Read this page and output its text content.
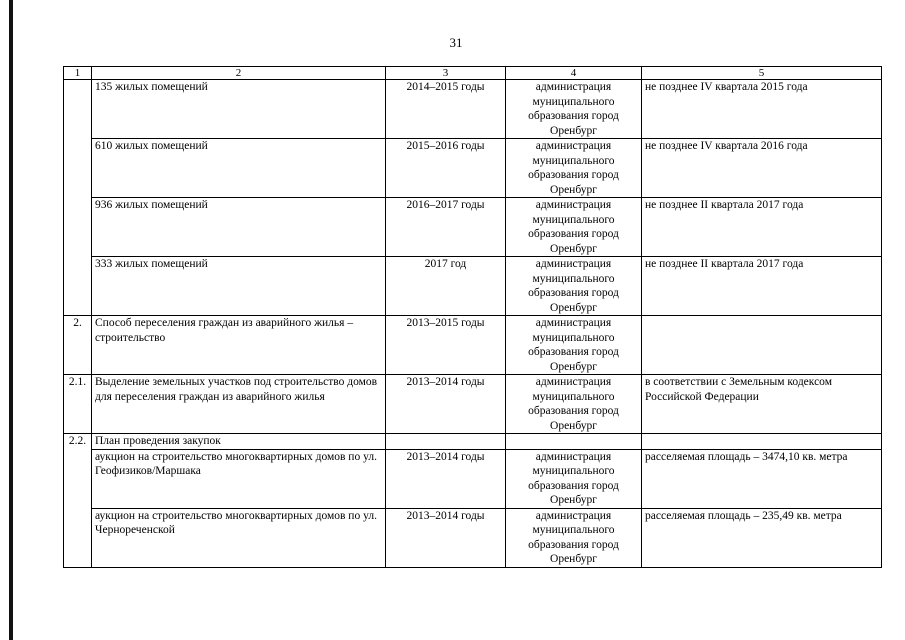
31
1	2	3	4	5
	135 жилых помещений	2014–2015 годы	администрация муниципального образования город Оренбург	не позднее IV квартала 2015 года
	610 жилых помещений	2015–2016 годы	администрация муниципального образования город Оренбург	не позднее IV квартала 2016 года
	936 жилых помещений	2016–2017 годы	администрация муниципального образования город Оренбург	не позднее II квартала 2017 года
	333 жилых помещений	2017 год	администрация муниципального образования город Оренбург	не позднее II квартала 2017 года
2.	Способ переселения граждан из аварийного жилья – строительство	2013–2015 годы	администрация муниципального образования город Оренбург	
2.1.	Выделение земельных участков под строительство домов для переселения граждан из аварийного жилья	2013–2014 годы	администрация муниципального образования город Оренбург	в соответствии с Земельным кодексом Российской Федерации
2.2.	План проведения закупок			
	аукцион на строительство многоквартирных домов по ул. Геофизиков/Маршака	2013–2014 годы	администрация муниципального образования город Оренбург	расселяемая площадь – 3474,10 кв. метра
	аукцион на строительство многоквартирных домов по ул. Чернореченской	2013–2014 годы	администрация муниципального образования город Оренбург	расселяемая площадь – 235,49 кв. метра
